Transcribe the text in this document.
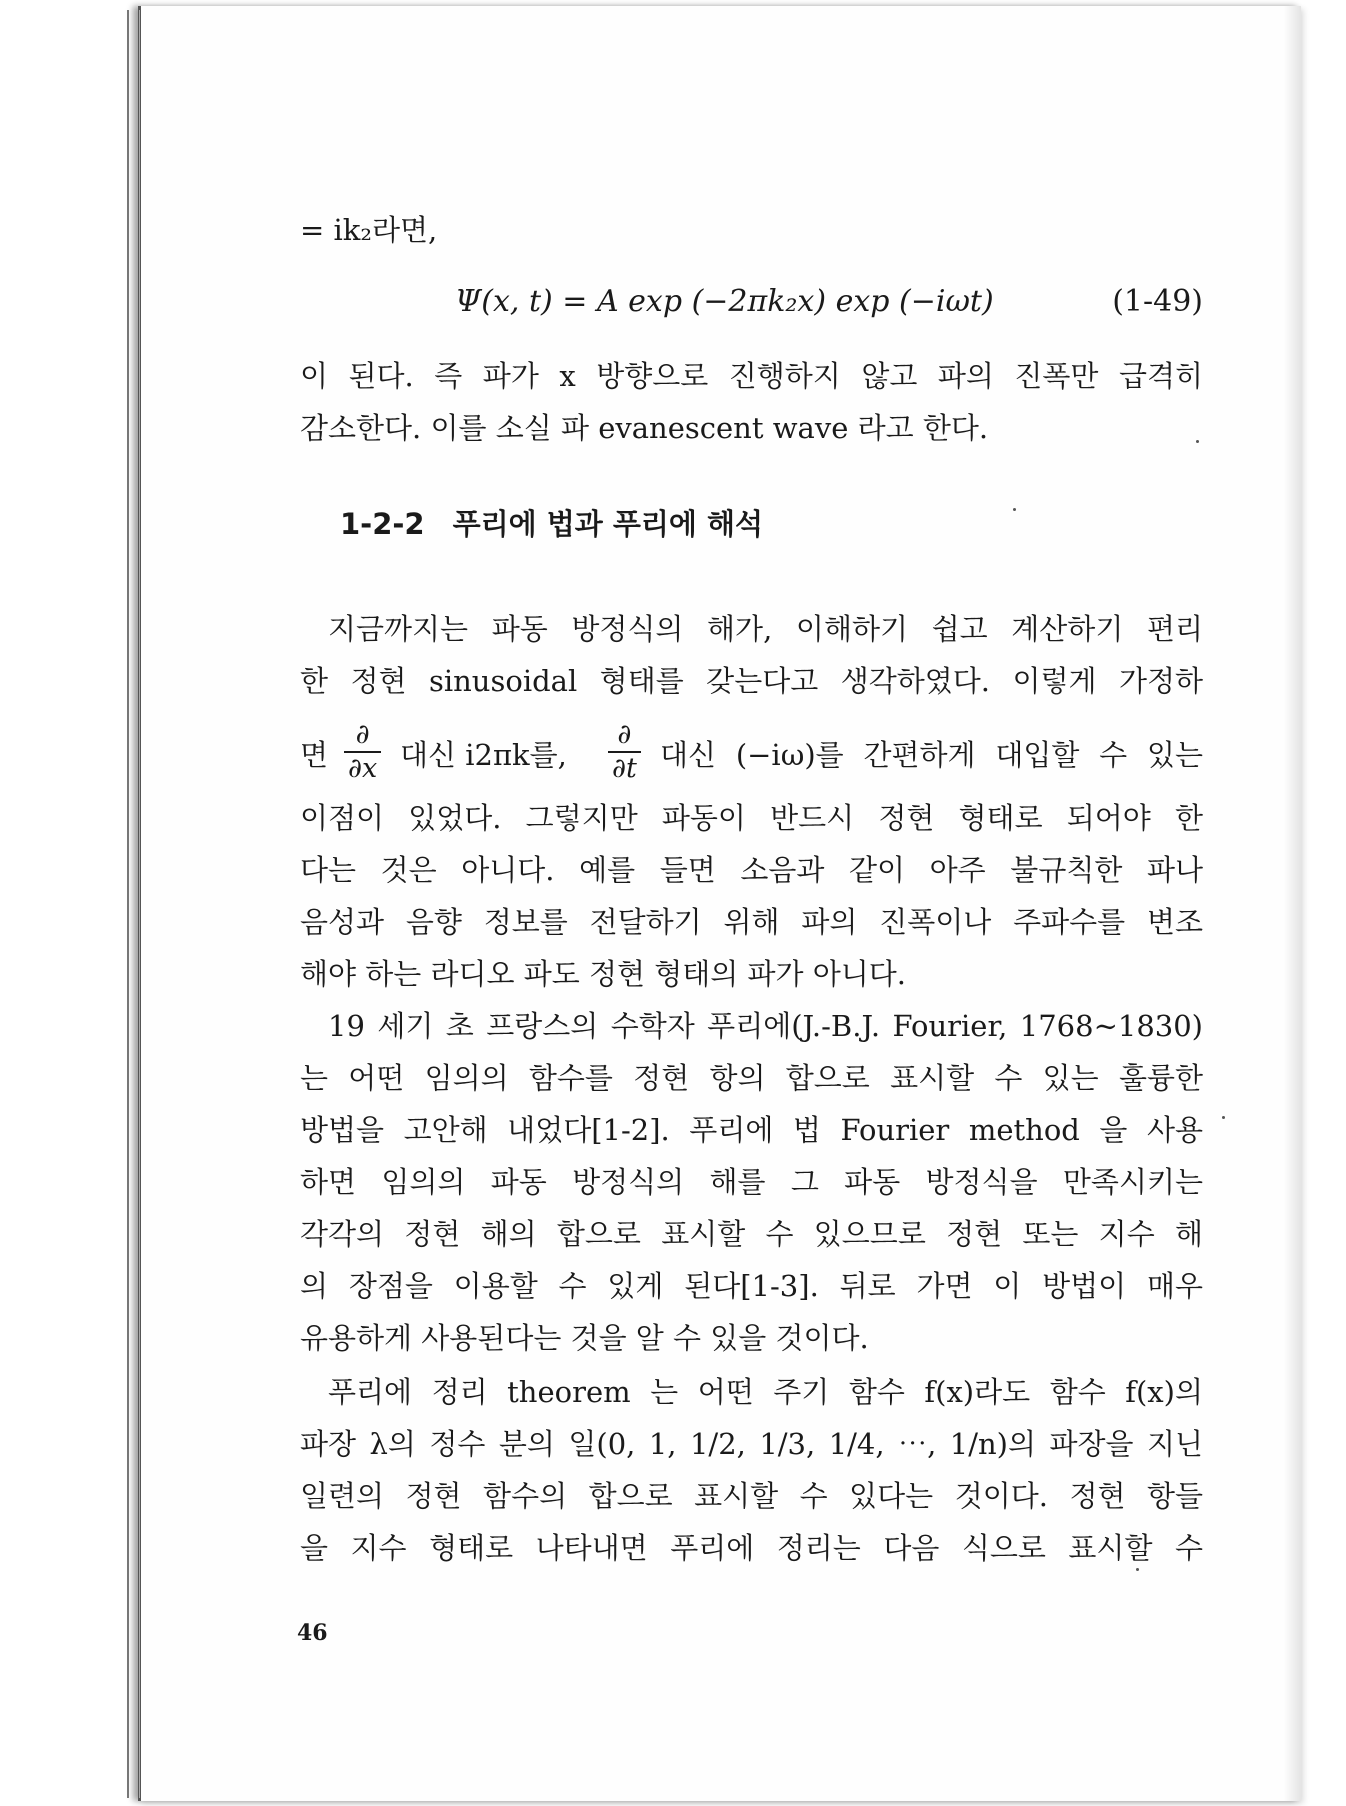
= ik₂라면,
Ψ(x, t) = A exp (−2πk₂x) exp (−iωt)	(1-49)
이 된다. 즉 파가 x 방향으로 진행하지 않고 파의 진폭만 급격히
감소한다. 이를 소실 파 evanescent wave 라고 한다.
1-2-2 푸리에 법과 푸리에 해석
지금까지는 파동 방정식의 해가, 이해하기 쉽고 계산하기 편리
한 정현 sinusoidal 형태를 갖는다고 생각하였다. 이렇게 가정하
면
∂
∂x 대신 i2πk를,
∂
∂t 대신 (−iω)를 간편하게 대입할 수 있는
이점이 있었다. 그렇지만 파동이 반드시 정현 형태로 되어야 한
다는 것은 아니다. 예를 들면 소음과 같이 아주 불규칙한 파나
음성과 음향 정보를 전달하기 위해 파의 진폭이나 주파수를 변조
해야 하는 라디오 파도 정현 형태의 파가 아니다.
19 세기 초 프랑스의 수학자 푸리에(J.-B.J. Fourier, 1768∼1830)
는 어떤 임의의 함수를 정현 항의 합으로 표시할 수 있는 훌륭한
방법을 고안해 내었다[1-2]. 푸리에 법 Fourier method 을 사용
하면 임의의 파동 방정식의 해를 그 파동 방정식을 만족시키는
각각의 정현 해의 합으로 표시할 수 있으므로 정현 또는 지수 해
의 장점을 이용할 수 있게 된다[1-3]. 뒤로 가면 이 방법이 매우
유용하게 사용된다는 것을 알 수 있을 것이다.
푸리에 정리 theorem 는 어떤 주기 함수 f(x)라도 함수 f(x)의
파장 λ의 정수 분의 일(0, 1, 1/2, 1/3, 1/4, ⋯, 1/n)의 파장을 지닌
일련의 정현 함수의 합으로 표시할 수 있다는 것이다. 정현 항들
을 지수 형태로 나타내면 푸리에 정리는 다음 식으로 표시할 수
46
